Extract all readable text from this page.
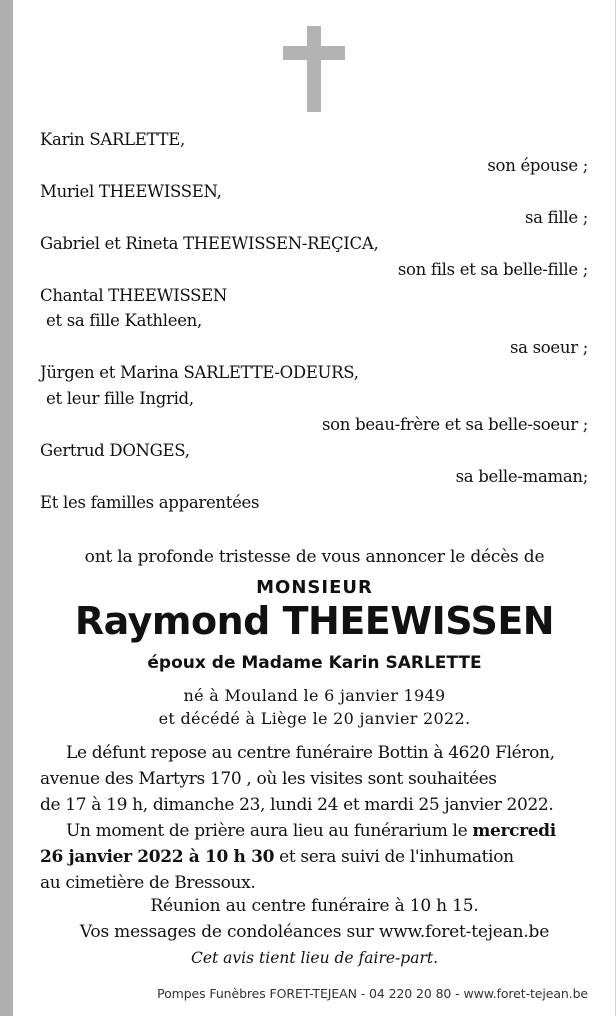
Karin SARLETTE,
son épouse ;
Muriel THEEWISSEN,
sa fille ;
Gabriel et Rineta THEEWISSEN-REÇICA,
son fils et sa belle-fille ;
Chantal THEEWISSEN
et sa fille Kathleen,
sa soeur ;
Jürgen et Marina SARLETTE-ODEURS,
et leur fille Ingrid,
son beau-frère et sa belle-soeur ;
Gertrud DONGES,
sa belle-maman;
Et les familles apparentées
ont la profonde tristesse de vous annoncer le décès de
MONSIEUR
Raymond THEEWISSEN
époux de Madame Karin SARLETTE
né à Mouland le 6 janvier 1949
et décédé à Liège le 20 janvier 2022.
Le défunt repose au centre funéraire Bottin à 4620 Fléron,
avenue des Martyrs 170 , où les visites sont souhaitées
de 17 à 19 h, dimanche 23, lundi 24 et mardi 25 janvier 2022.
Un moment de prière aura lieu au funérarium le mercredi
26 janvier 2022 à 10 h 30 et sera suivi de l'inhumation
au cimetière de Bressoux.
Réunion au centre funéraire à 10 h 15.
Vos messages de condoléances sur www.foret-tejean.be
Cet avis tient lieu de faire-part.
Pompes Funèbres FORET-TEJEAN - 04 220 20 80 - www.foret-tejean.be
